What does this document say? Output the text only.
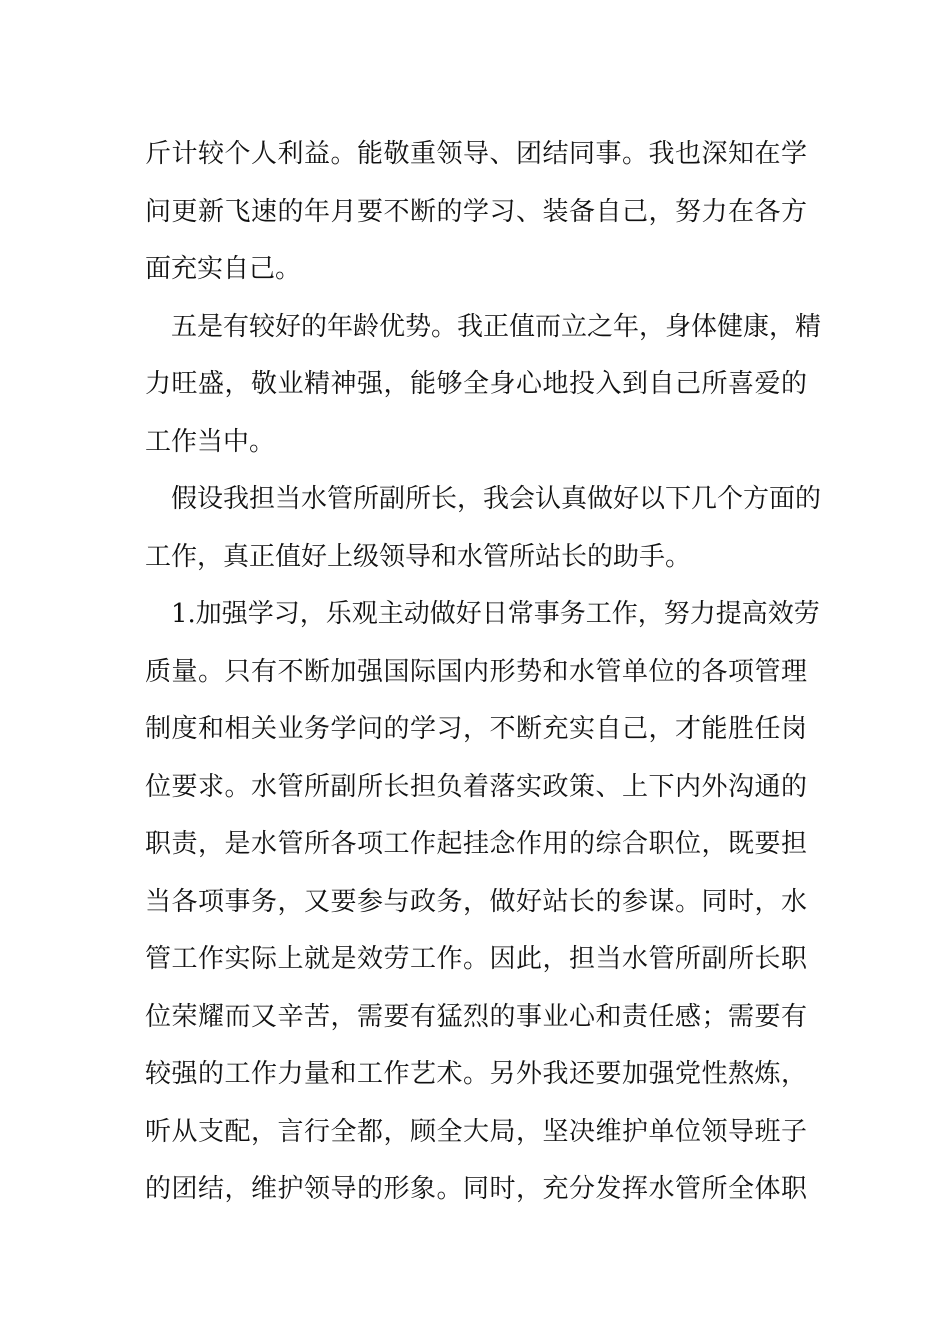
斤计较个人利益。能敬重领导、团结同事。我也深知在学
问更新飞速的年月要不断的学习、装备自己，努力在各方
面充实自己。
五是有较好的年龄优势。我正值而立之年，身体健康，精
力旺盛，敬业精神强，能够全身心地投入到自己所喜爱的
工作当中。
假设我担当水管所副所长，我会认真做好以下几个方面的
工作，真正值好上级领导和水管所站长的助手。
1.加强学习，乐观主动做好日常事务工作，努力提高效劳
质量。只有不断加强国际国内形势和水管单位的各项管理
制度和相关业务学问的学习，不断充实自己，才能胜任岗
位要求。水管所副所长担负着落实政策、上下内外沟通的
职责，是水管所各项工作起挂念作用的综合职位，既要担
当各项事务，又要参与政务，做好站长的参谋。同时，水
管工作实际上就是效劳工作。因此，担当水管所副所长职
位荣耀而又辛苦，需要有猛烈的事业心和责任感；需要有
较强的工作力量和工作艺术。另外我还要加强党性熬炼，
听从支配，言行全都，顾全大局，坚决维护单位领导班子
的团结，维护领导的形象。同时，充分发挥水管所全体职
